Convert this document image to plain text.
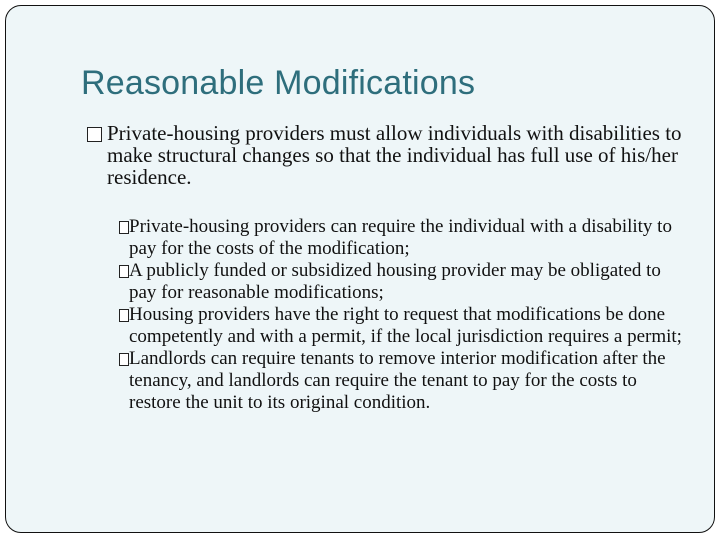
Reasonable Modifications
Private-housing providers must allow individuals with disabilities to make structural changes so that the individual has full use of his/her residence.

Private-housing providers can require the individual with a disability to pay for the costs of the modification;

A publicly funded or subsidized housing provider may be obligated to pay for reasonable modifications;

Housing providers have the right to request that modifications be done competently and with a permit, if the local jurisdiction requires a permit;

Landlords can require tenants to remove interior modification after the tenancy, and landlords can require the tenant to pay for the costs to restore the unit to its original condition.
